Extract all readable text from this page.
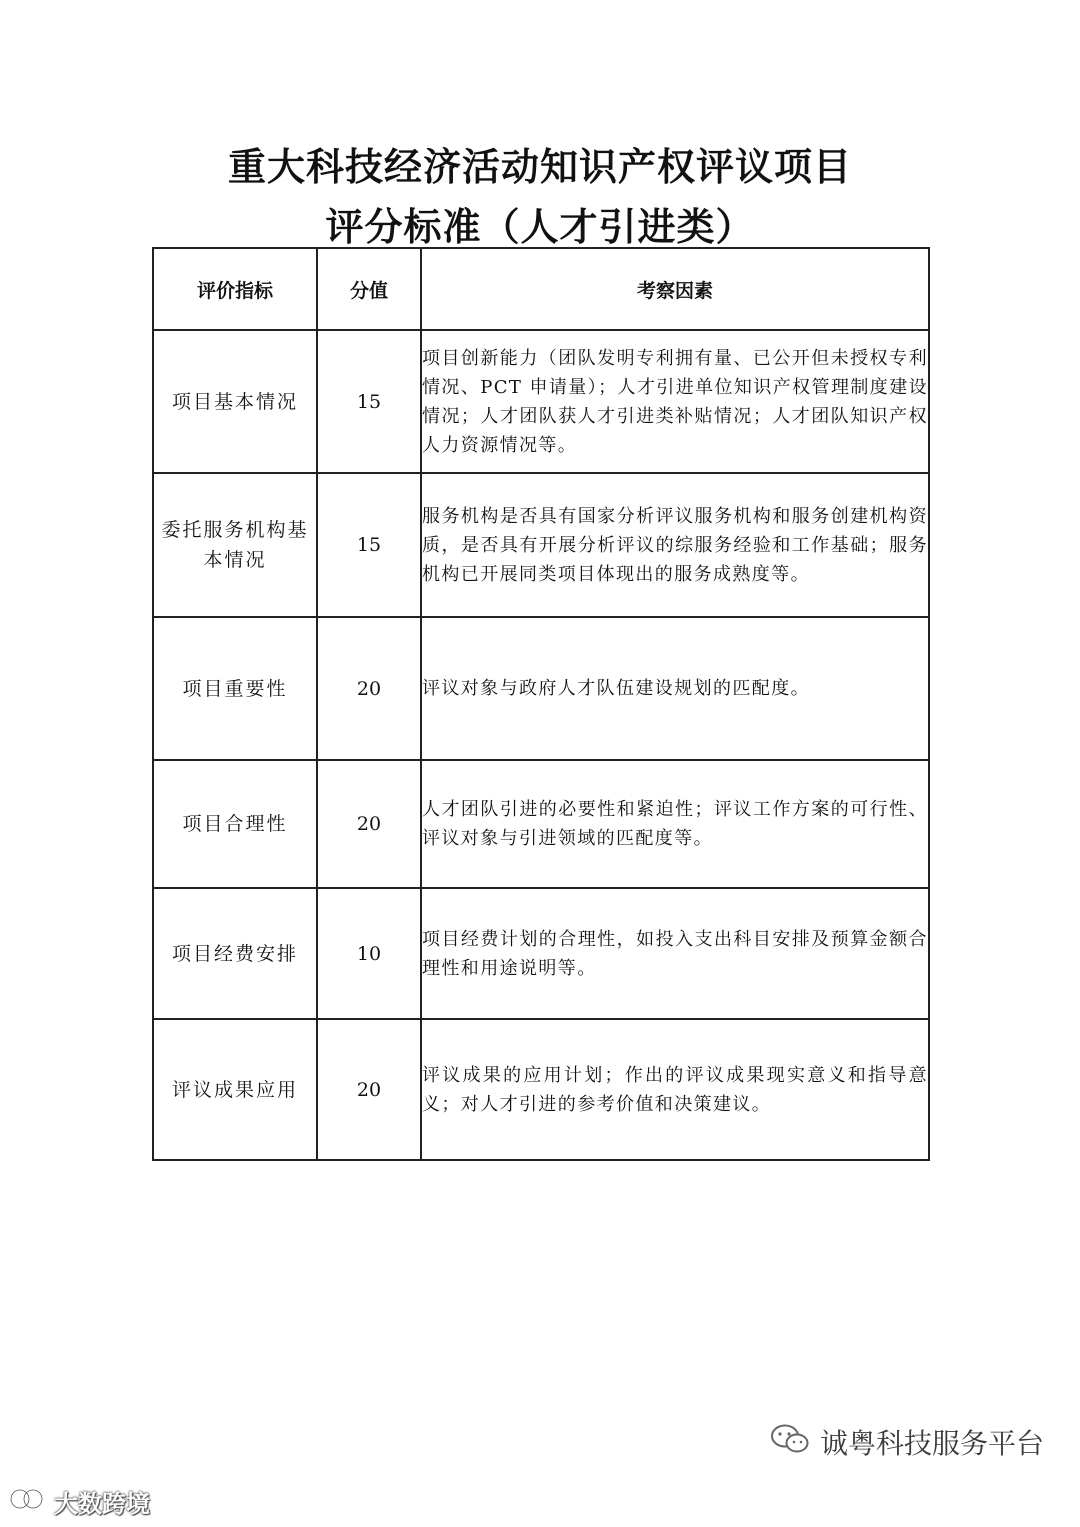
重大科技经济活动知识产权评议项目
评分标准（人才引进类）
评价指标	分值	考察因素
项目基本情况	15	项目创新能力（团队发明专利拥有量、已公开但未授权专利情况、PCT 申请量）；人才引进单位知识产权管理制度建设情况；人才团队获人才引进类补贴情况；人才团队知识产权人力资源情况等。
委托服务机构基本情况	15	服务机构是否具有国家分析评议服务机构和服务创建机构资质，是否具有开展分析评议的综服务经验和工作基础；服务机构已开展同类项目体现出的服务成熟度等。
项目重要性	20	评议对象与政府人才队伍建设规划的匹配度。
项目合理性	20	人才团队引进的必要性和紧迫性；评议工作方案的可行性、评议对象与引进领域的匹配度等。
项目经费安排	10	项目经费计划的合理性，如投入支出科目安排及预算金额合理性和用途说明等。
评议成果应用	20	评议成果的应用计划；作出的评议成果现实意义和指导意义；对人才引进的参考价值和决策建议。
诚粤科技服务平台
大数跨境
